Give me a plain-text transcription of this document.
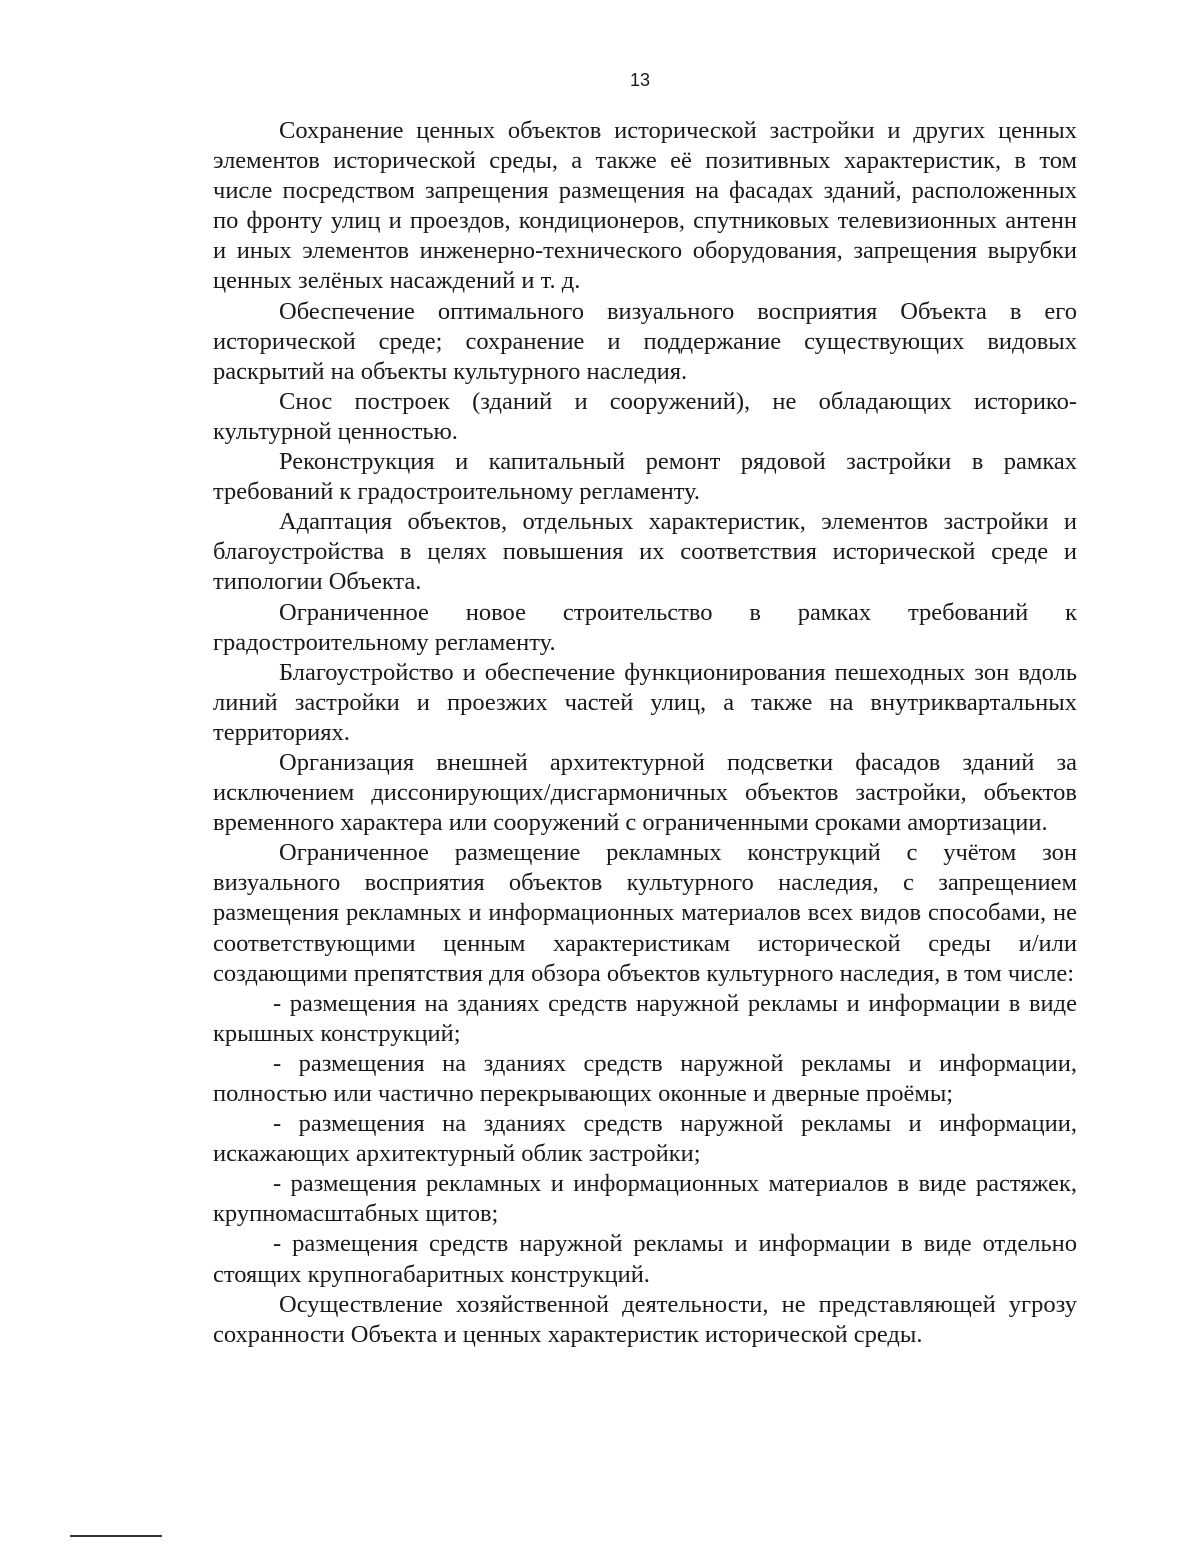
13

Сохранение ценных объектов исторической застройки и других ценных элементов исторической среды, а также её позитивных характеристик, в том числе посредством запрещения размещения на фасадах зданий, расположенных по фронту улиц и проездов, кондиционеров, спутниковых телевизионных антенн и иных элементов инженерно-технического оборудования, запрещения вырубки ценных зелёных насаждений и т. д.

Обеспечение оптимального визуального восприятия Объекта в его исторической среде; сохранение и поддержание существующих видовых раскрытий на объекты культурного наследия.

Снос построек (зданий и сооружений), не обладающих историко-культурной ценностью.

Реконструкция и капитальный ремонт рядовой застройки в рамках требований к градостроительному регламенту.

Адаптация объектов, отдельных характеристик, элементов застройки и благоустройства в целях повышения их соответствия исторической среде и типологии Объекта.

Ограниченное новое строительство в рамках требований к градостроительному регламенту.

Благоустройство и обеспечение функционирования пешеходных зон вдоль линий застройки и проезжих частей улиц, а также на внутриквартальных территориях.

Организация внешней архитектурной подсветки фасадов зданий за исключением диссонирующих/дисгармоничных объектов застройки, объектов временного характера или сооружений с ограниченными сроками амортизации.

Ограниченное размещение рекламных конструкций с учётом зон визуального восприятия объектов культурного наследия, с запрещением размещения рекламных и информационных материалов всех видов способами, не соответствующими ценным характеристикам исторической среды и/или создающими препятствия для обзора объектов культурного наследия, в том числе:

- размещения на зданиях средств наружной рекламы и информации в виде крышных конструкций;

- размещения на зданиях средств наружной рекламы и информации, полностью или частично перекрывающих оконные и дверные проёмы;

- размещения на зданиях средств наружной рекламы и информации, искажающих архитектурный облик застройки;

- размещения рекламных и информационных материалов в виде растяжек, крупномасштабных щитов;

- размещения средств наружной рекламы и информации в виде отдельно стоящих крупногабаритных конструкций.

Осуществление хозяйственной деятельности, не представляющей угрозу сохранности Объекта и ценных характеристик исторической среды.
